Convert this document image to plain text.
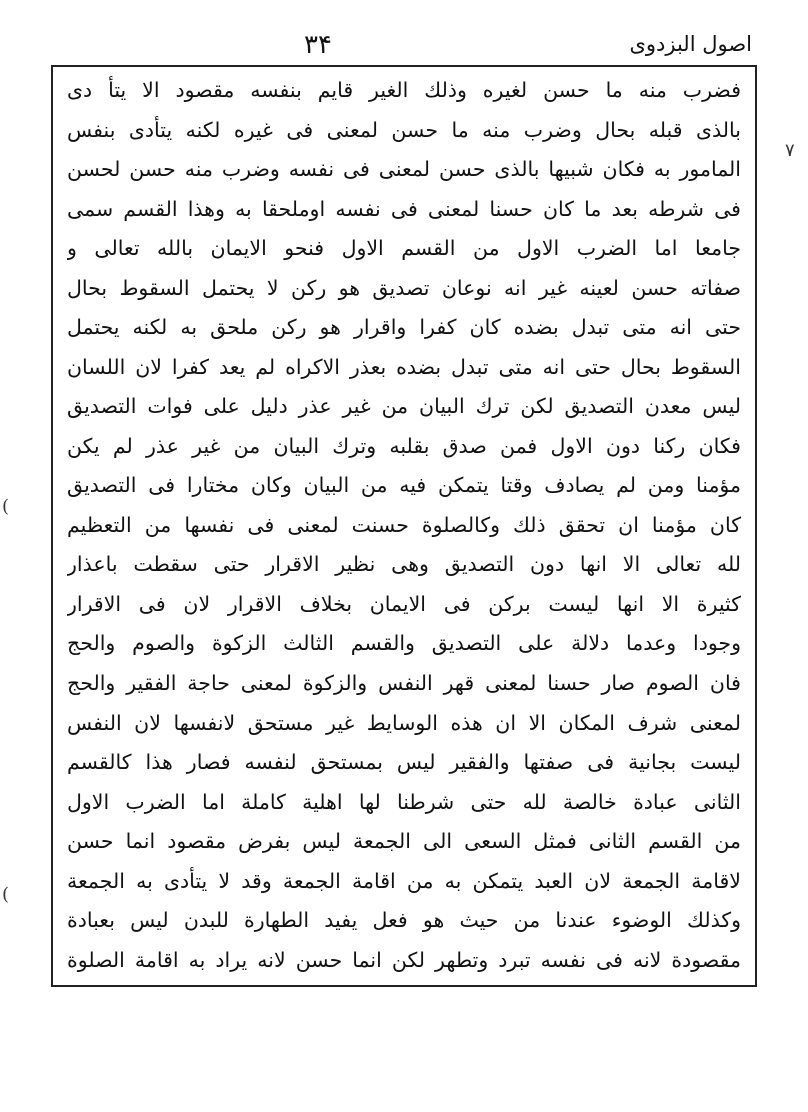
اصول البزدوی
۳۴
فضرب منه ما حسن لغيره وذلك الغير قايم بنفسه مقصود الا يتأ دى
بالذی قبله بحال وضرب منه ما حسن لمعنى فی غيره لكنه يتأدى بنفس
المامور به فكان شبيها بالذی حسن لمعنى فی نفسه وضرب منه حسن لحسن
فی شرطه بعد ما كان حسنا لمعنى فی نفسه اوملحقا به وهذا القسم سمی
جامعا اما الضرب الاول من القسم الاول فنحو الايمان بالله تعالى و
صفاته حسن لعينه غير انه نوعان تصديق هو ركن لا يحتمل السقوط بحال
حتى انه متى تبدل بضده كان كفرا واقرار هو ركن ملحق به لكنه يحتمل
السقوط بحال حتى انه متى تبدل بضده بعذر الاكراه لم يعد كفرا لان اللسان
ليس معدن التصديق لكن ترك البيان من غير عذر دليل على فوات التصديق
فكان ركنا دون الاول فمن صدق بقلبه وترك البيان من غير عذر لم يكن
مؤمنا ومن لم يصادف وقتا يتمكن فيه من البيان وكان مختارا فی التصديق
كان مؤمنا ان تحقق ذلك وكالصلوة حسنت لمعنى فی نفسها من التعظيم
لله تعالى الا انها دون التصديق وهی نظير الاقرار حتى سقطت باعذار
كثيرة الا انها ليست بركن فی الايمان بخلاف الاقرار لان فی الاقرار
وجودا وعدما دلالة على التصديق والقسم الثالث الزكوة والصوم والحج
فان الصوم صار حسنا لمعنى قهر النفس والزكوة لمعنى حاجة الفقير والحج
لمعنى شرف المكان الا ان هذه الوسايط غير مستحق لانفسها لان النفس
ليست بجانية فی صفتها والفقير ليس بمستحق لنفسه فصار هذا كالقسم
الثانی عبادة خالصة لله حتى شرطنا لها اهلية كاملة اما الضرب الاول
من القسم الثانی فمثل السعی الى الجمعة ليس بفرض مقصود انما حسن
لاقامة الجمعة لان العبد يتمكن به من اقامة الجمعة وقد لا يتأدى به الجمعة
وكذلك الوضوء عندنا من حيث هو فعل يفيد الطهارة للبدن ليس بعبادة
مقصودة لانه فی نفسه تبرد وتطهر لكن انما حسن لانه يراد به اقامة الصلوة
٧
(
(
